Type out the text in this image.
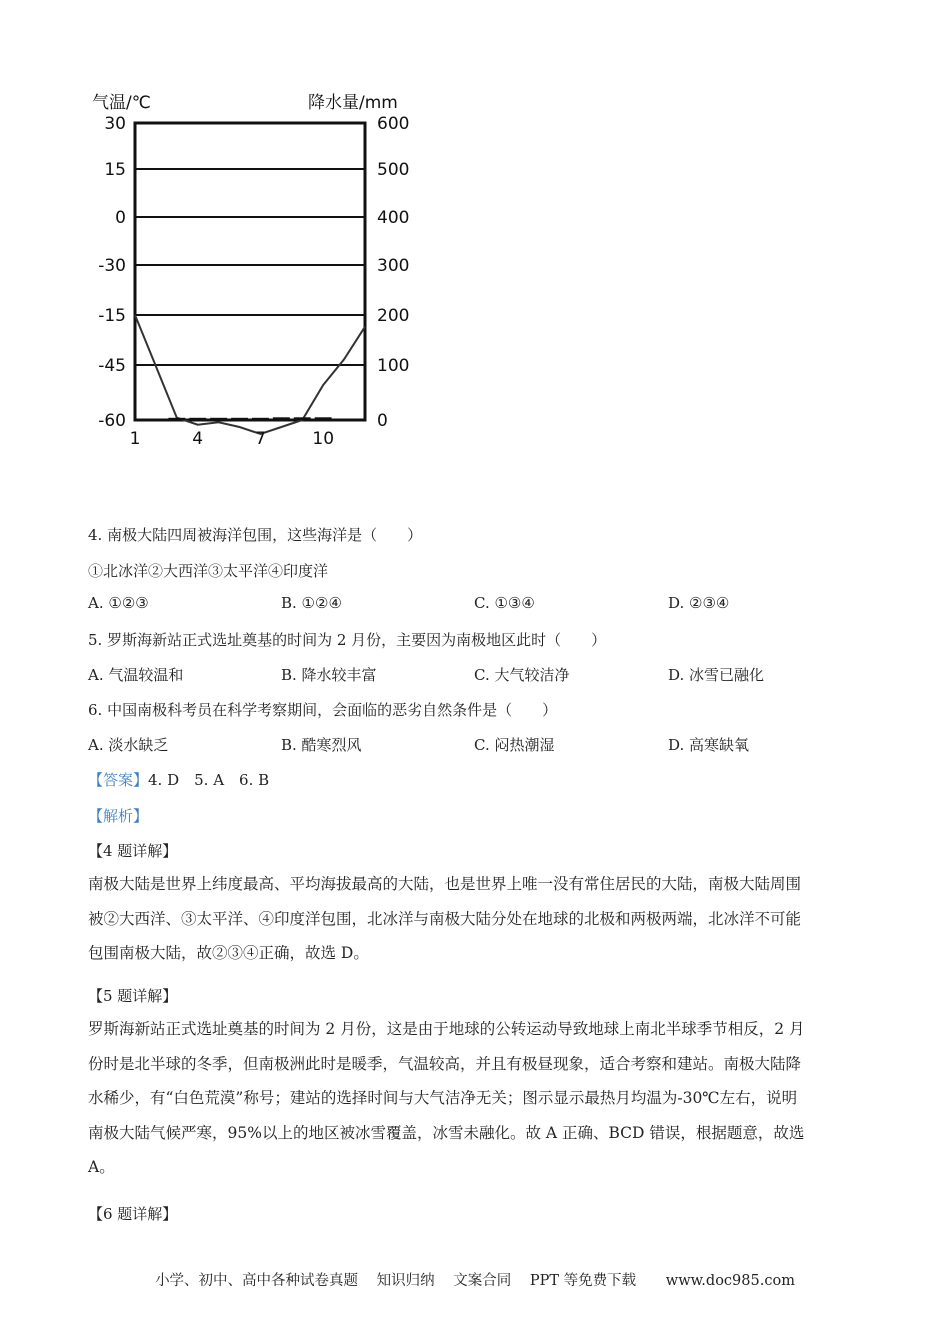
气温/℃	降水量/mm
30	600
15	500
0	400
-30	300
-15	200
-45	100
-60	0
1	4	7	10
4. 南极大陆四周被海洋包围，这些海洋是（　　）
①北冰洋②大西洋③太平洋④印度洋
A. ①②③	B. ①②④	C. ①③④	D. ②③④
5. 罗斯海新站正式选址奠基的时间为 2 月份，主要因为南极地区此时（　　）
A. 气温较温和	B. 降水较丰富	C. 大气较洁净	D. 冰雪已融化
6. 中国南极科考员在科学考察期间，会面临的恶劣自然条件是（　　）
A. 淡水缺乏	B. 酷寒烈风	C. 闷热潮湿	D. 高寒缺氧
【答案】4. D　5. A　6. B
【解析】
【4 题详解】
南极大陆是世界上纬度最高、平均海拔最高的大陆，也是世界上唯一没有常住居民的大陆，南极大陆周围
被②大西洋、③太平洋、④印度洋包围，北冰洋与南极大陆分处在地球的北极和两极两端，北冰洋不可能
包围南极大陆，故②③④正确，故选 D。
【5 题详解】
罗斯海新站正式选址奠基的时间为 2 月份，这是由于地球的公转运动导致地球上南北半球季节相反，2 月
份时是北半球的冬季，但南极洲此时是暖季，气温较高，并且有极昼现象，适合考察和建站。南极大陆降
水稀少，有“白色荒漠”称号；建站的选择时间与大气洁净无关；图示显示最热月均温为-30℃左右，说明
南极大陆气候严寒，95%以上的地区被冰雪覆盖，冰雪未融化。故 A 正确、BCD 错误，根据题意，故选
A。
【6 题详解】
小学、初中、高中各种试卷真题 知识归纳 文案合同 PPT 等免费下载 www.doc985.com
